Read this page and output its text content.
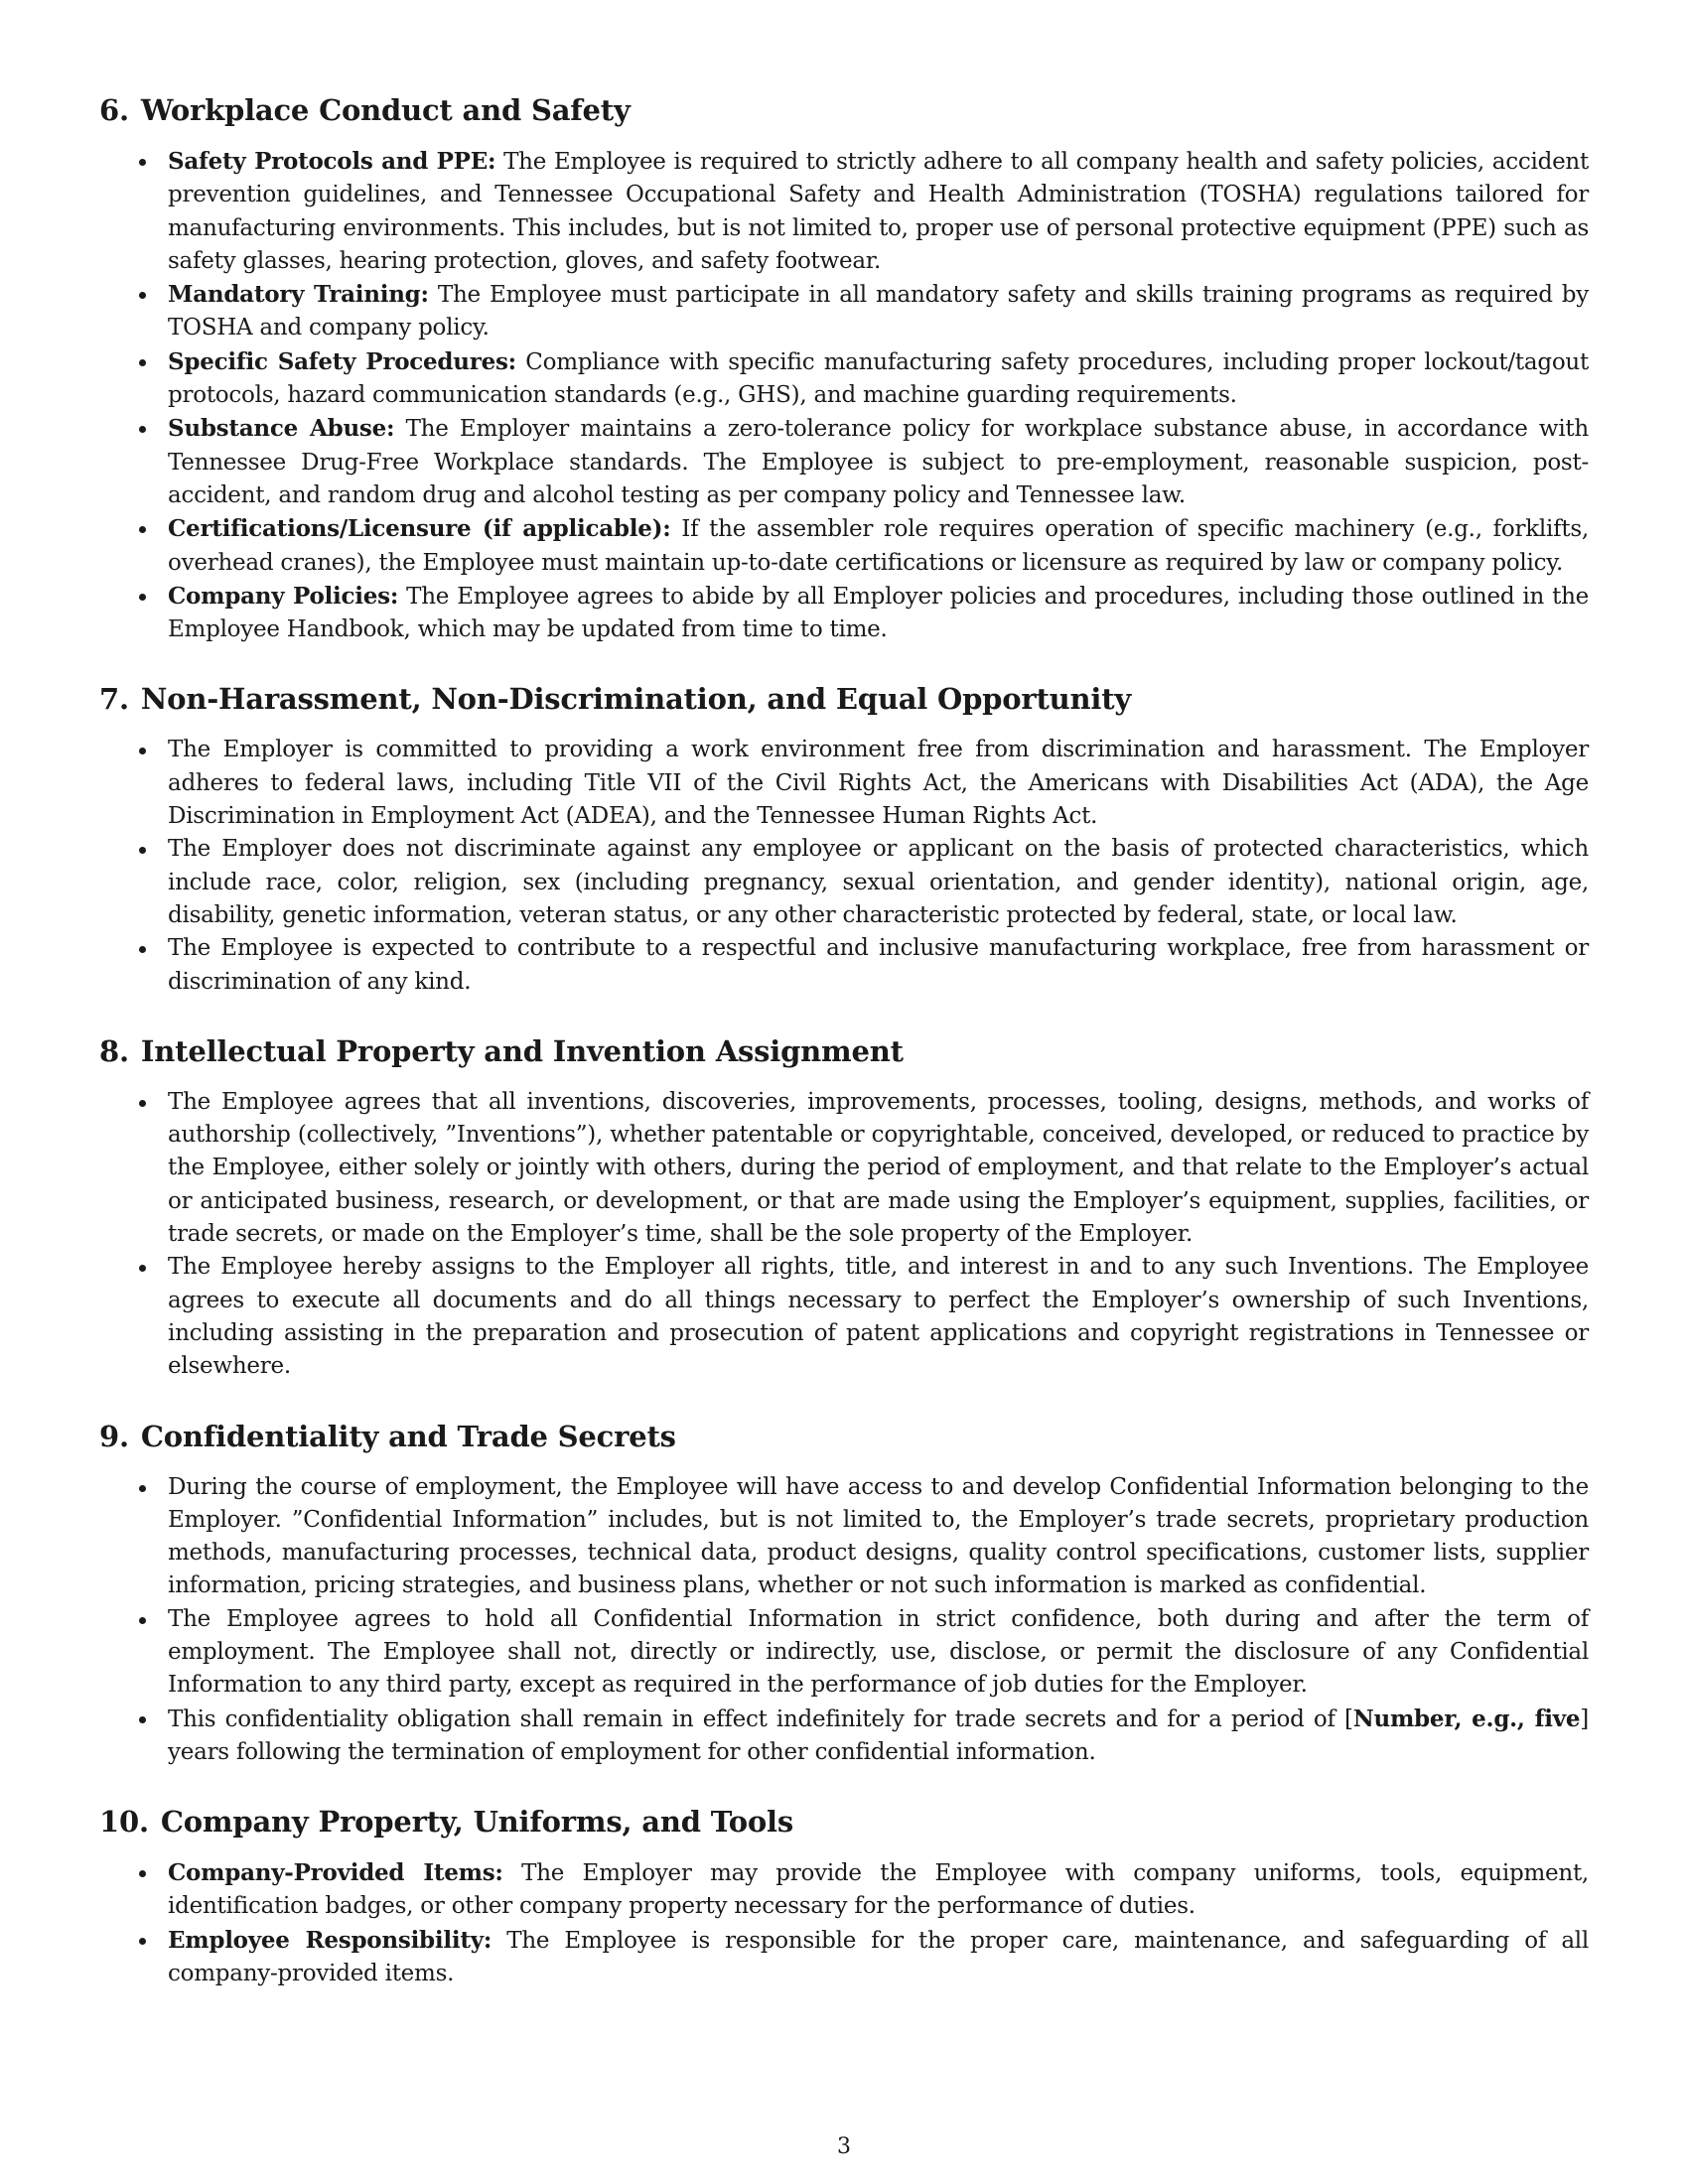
6. Workplace Conduct and Safety
Safety Protocols and PPE: The Employee is required to strictly adhere to all company health and safety policies, accident prevention guidelines, and Tennessee Occupational Safety and Health Administration (TOSHA) regulations tailored for manufacturing environments. This includes, but is not limited to, proper use of personal protective equipment (PPE) such as safety glasses, hearing protection, gloves, and safety footwear.
Mandatory Training: The Employee must participate in all mandatory safety and skills training programs as required by TOSHA and company policy.
Specific Safety Procedures: Compliance with specific manufacturing safety procedures, including proper lockout/tagout protocols, hazard communication standards (e.g., GHS), and machine guarding requirements.
Substance Abuse: The Employer maintains a zero-tolerance policy for workplace substance abuse, in accordance with Tennessee Drug-Free Workplace standards. The Employee is subject to pre-employment, reasonable suspicion, post-accident, and random drug and alcohol testing as per company policy and Tennessee law.
Certifications/Licensure (if applicable): If the assembler role requires operation of specific machinery (e.g., forklifts, overhead cranes), the Employee must maintain up-to-date certifications or licensure as required by law or company policy.
Company Policies: The Employee agrees to abide by all Employer policies and procedures, including those outlined in the Employee Handbook, which may be updated from time to time.
7. Non-Harassment, Non-Discrimination, and Equal Opportunity
The Employer is committed to providing a work environment free from discrimination and harassment. The Employer adheres to federal laws, including Title VII of the Civil Rights Act, the Americans with Disabilities Act (ADA), the Age Discrimination in Employment Act (ADEA), and the Tennessee Human Rights Act.
The Employer does not discriminate against any employee or applicant on the basis of protected characteristics, which include race, color, religion, sex (including pregnancy, sexual orientation, and gender identity), national origin, age, disability, genetic information, veteran status, or any other characteristic protected by federal, state, or local law.
The Employee is expected to contribute to a respectful and inclusive manufacturing workplace, free from harassment or discrimination of any kind.
8. Intellectual Property and Invention Assignment
The Employee agrees that all inventions, discoveries, improvements, processes, tooling, designs, methods, and works of authorship (collectively, ”Inventions”), whether patentable or copyrightable, conceived, developed, or reduced to practice by the Employee, either solely or jointly with others, during the period of employment, and that relate to the Employer’s actual or anticipated business, research, or development, or that are made using the Employer’s equipment, supplies, facilities, or trade secrets, or made on the Employer’s time, shall be the sole property of the Employer.
The Employee hereby assigns to the Employer all rights, title, and interest in and to any such Inventions. The Employee agrees to execute all documents and do all things necessary to perfect the Employer’s ownership of such Inventions, including assisting in the preparation and prosecution of patent applications and copyright registrations in Tennessee or elsewhere.
9. Confidentiality and Trade Secrets
During the course of employment, the Employee will have access to and develop Confidential Information belonging to the Employer. ”Confidential Information” includes, but is not limited to, the Employer’s trade secrets, proprietary production methods, manufacturing processes, technical data, product designs, quality control specifications, customer lists, supplier information, pricing strategies, and business plans, whether or not such information is marked as confidential.
The Employee agrees to hold all Confidential Information in strict confidence, both during and after the term of employment. The Employee shall not, directly or indirectly, use, disclose, or permit the disclosure of any Confidential Information to any third party, except as required in the performance of job duties for the Employer.
This confidentiality obligation shall remain in effect indefinitely for trade secrets and for a period of [Number, e.g., five] years following the termination of employment for other confidential information.
10. Company Property, Uniforms, and Tools
Company-Provided Items: The Employer may provide the Employee with company uniforms, tools, equipment, identification badges, or other company property necessary for the performance of duties.
Employee Responsibility: The Employee is responsible for the proper care, maintenance, and safeguarding of all company-provided items.
3
